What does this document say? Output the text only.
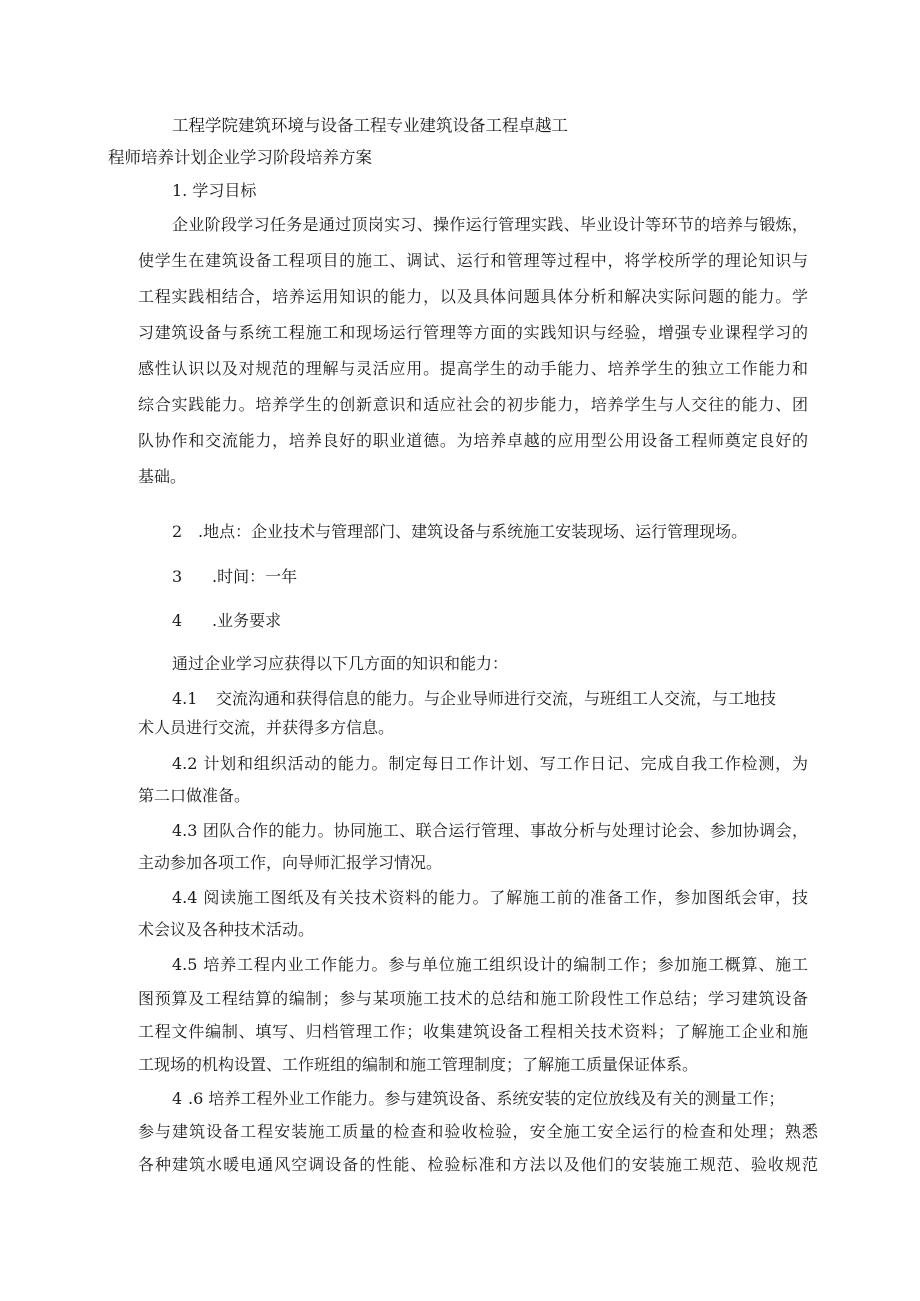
工程学院建筑环境与设备工程专业建筑设备工程卓越工
程师培养计划企业学习阶段培养方案
1. 学习目标
企业阶段学习任务是通过顶岗实习、操作运行管理实践、毕业设计等环节的培养与锻炼，
使学生在建筑设备工程项目的施工、调试、运行和管理等过程中，将学校所学的理论知识与
工程实践相结合，培养运用知识的能力，以及具体问题具体分析和解决实际问题的能力。学
习建筑设备与系统工程施工和现场运行管理等方面的实践知识与经验，增强专业课程学习的
感性认识以及对规范的理解与灵活应用。提高学生的动手能力、培养学生的独立工作能力和
综合实践能力。培养学生的创新意识和适应社会的初步能力，培养学生与人交往的能力、团
队协作和交流能力，培养良好的职业道德。为培养卓越的应用型公用设备工程师奠定良好的
基础。
2 .地点：企业技术与管理部门、建筑设备与系统施工安装现场、运行管理现场。
3 .时间：一年
4 .业务要求
通过企业学习应获得以下几方面的知识和能力：
4.1 交流沟通和获得信息的能力。与企业导师进行交流，与班组工人交流，与工地技
术人员进行交流，并获得多方信息。
4.2 计划和组织活动的能力。制定每日工作计划、写工作日记、完成自我工作检测，为
第二口做准备。
4.3 团队合作的能力。协同施工、联合运行管理、事故分析与处理讨论会、参加协调会，
主动参加各项工作，向导师汇报学习情况。
4.4 阅读施工图纸及有关技术资料的能力。了解施工前的准备工作，参加图纸会审，技
术会议及各种技术活动。
4.5 培养工程内业工作能力。参与单位施工组织设计的编制工作；参加施工概算、施工
图预算及工程结算的编制；参与某项施工技术的总结和施工阶段性工作总结；学习建筑设备
工程文件编制、填写、归档管理工作；收集建筑设备工程相关技术资料；了解施工企业和施
工现场的机构设置、工作班组的编制和施工管理制度；了解施工质量保证体系。
4 .6 培养工程外业工作能力。参与建筑设备、系统安装的定位放线及有关的测量工作；
参与建筑设备工程安装施工质量的检查和验收检验，安全施工安全运行的检查和处理；熟悉
各种建筑水暖电通风空调设备的性能、检验标准和方法以及他们的安装施工规范、验收规范
